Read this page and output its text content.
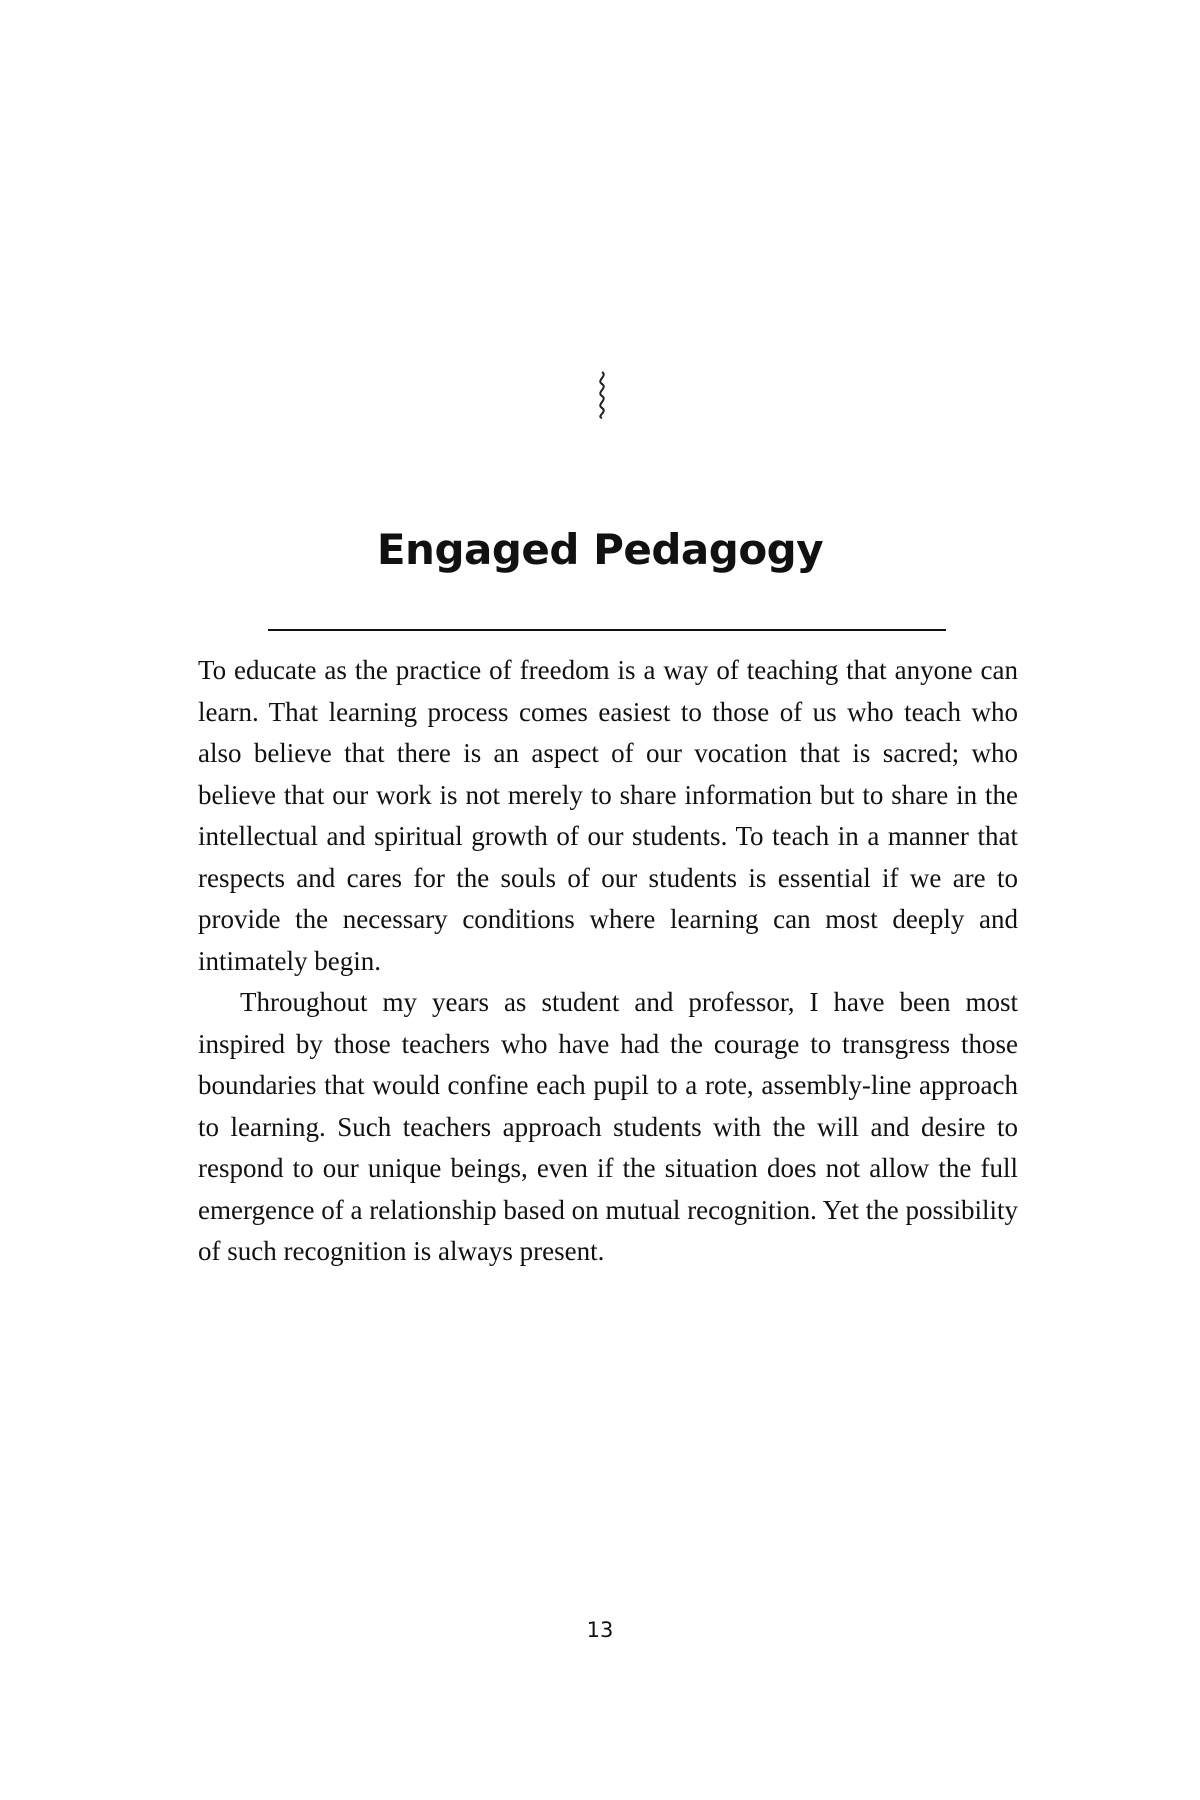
Engaged Pedagogy

To educate as the practice of freedom is a way of teaching that anyone can learn. That learning process comes easiest to those of us who teach who also believe that there is an aspect of our vocation that is sacred; who believe that our work is not merely to share information but to share in the intellectual and spiritual growth of our students. To teach in a manner that respects and cares for the souls of our students is essential if we are to provide the necessary conditions where learning can most deeply and intimately begin.

Throughout my years as student and professor, I have been most inspired by those teachers who have had the courage to transgress those boundaries that would confine each pupil to a rote, assembly-line approach to learning. Such teachers approach students with the will and desire to respond to our unique beings, even if the situation does not allow the full emergence of a relationship based on mutual recognition. Yet the possibility of such recognition is always present.

13
